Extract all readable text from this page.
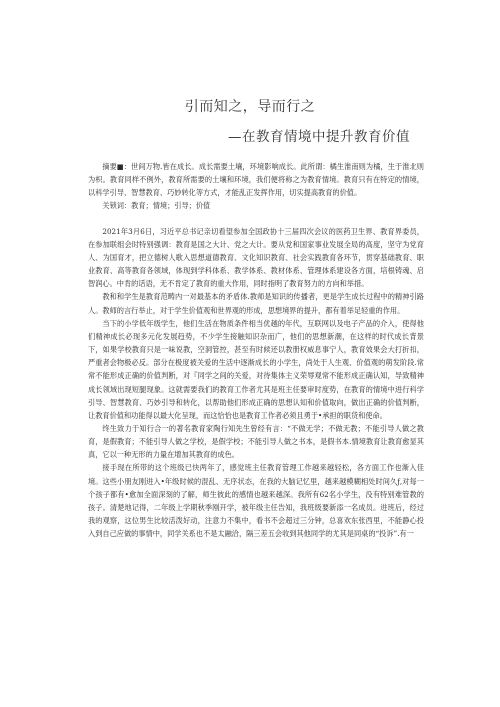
引而知之，导而行之
—在教育情境中提升教育价值

摘要■：世间万物.皆在成长。成长需要土壤，环境影响成长。此所谓：橘生淮南则为橘，生于淮北则为枳。教育同样不例外，教育所需要的土壤和环境，我们便将称之为教育情境。教育只有在特定的情境，以科学引导、智慧教育、巧妙转化等方式，才能乱正发挥作用，切实提高教育的价值。

关锁词：教育；情境；引导；价值

2021年3月6日，习近平总书记亲切看望参加全国政协十三届四次会议的医药卫生界、教育界委员，在参加联组会时特别强调：教育是国之大计、党之大计。要从党和国家事业发展全局的高度，坚守为党育人、为国育才，把立德树人歌入思想道德教育、文化知识教育、社会实践教育各环节，贯穿基础教育、职业教育、高等教育各领域，体现到学科体系、教学体系、教材体系、管理体系建设各方面，培根铸魂、启智润心。中肯的话语，无不肯定了教育的重大作用，同时指明了教育努力的方向和举措。

教和和学生是教育范畴内一对最基本的矛盾体.教师是知识的传播者，更是学生成长过程中的精神引路人。教师的言行举止，对于学生价值观和世界观的形成，思想境界的提升，都有着举足轻重的作用。

当下的小学低年级学生，他们生活在物质条件相当优越的年代，互联网以及电子产品的介入，使得他们精神成长必现多元化发展趋势，不少学生接触知识杂而广，他们的思想新潮，在这样的时代成长背景下，如果学校教育只是一味说教，空洞管控，甚至有时候还以教册权威息事宁人，教育效果会大打折扣，严重者会物极必反。部分在极度被关爱的生活中逐渐成长的小学生，尚处于人生观、价值观的萌发阶段.常常不能形成正确的价值判断，对『同学之间的关爱，对待集体主义荣辱观常不能形成正确认知，导致精神成长领域出现短腿现象。这就需要我们的教育工作者尤其是班主任要审时度势，在教育的情境中进行科学引导、智慧教育、巧妙引导和转化，以帮助他们形成正确的思想认知和价值取向，做出正确的价值判断，让教育价值和功能得以最大化呈现，而这恰恰也是教育工作者必须且勇于•承担的职货和使命。

终生致力于知行合一的著名教育家陶行知先生曾经有言：“不做无学；不做无教；不能引导人做之教育，是假教育；不能引导人做之学校，是假学校；不能引导人做之书本，是假书本.情境教育让教育愈显其真，它以一种无形的力量在增加其教育的成色。

接手现在所带的这个班级已快两年了，感觉班主任教育管理工作越来越轻松，各方面工作也渐入佳境。这些小朋友刚进入•年级时候的混乱、无序状态，在我的大脑记忆里，越来越模糊相处时间久ƒ,对每一个孩子都有•愈加全面深刻的了解，师生彼此的感情也越来越深。我所有62名小学生，没有特别难管教的孩子。清楚地记得，二年级上学期秋季刚开学，被年级主任告知，我班级要新添一名成员。进班后，经过我的观察，这位男生比较活泼好动，注意力不集中，看书不会超过三分钟，总喜欢东张西里，不能静心投入到自己应做的事情中，同学关系也不是太融洽，隔三差五会收到其他同学的尤其是同桌的“投诉”.有一
